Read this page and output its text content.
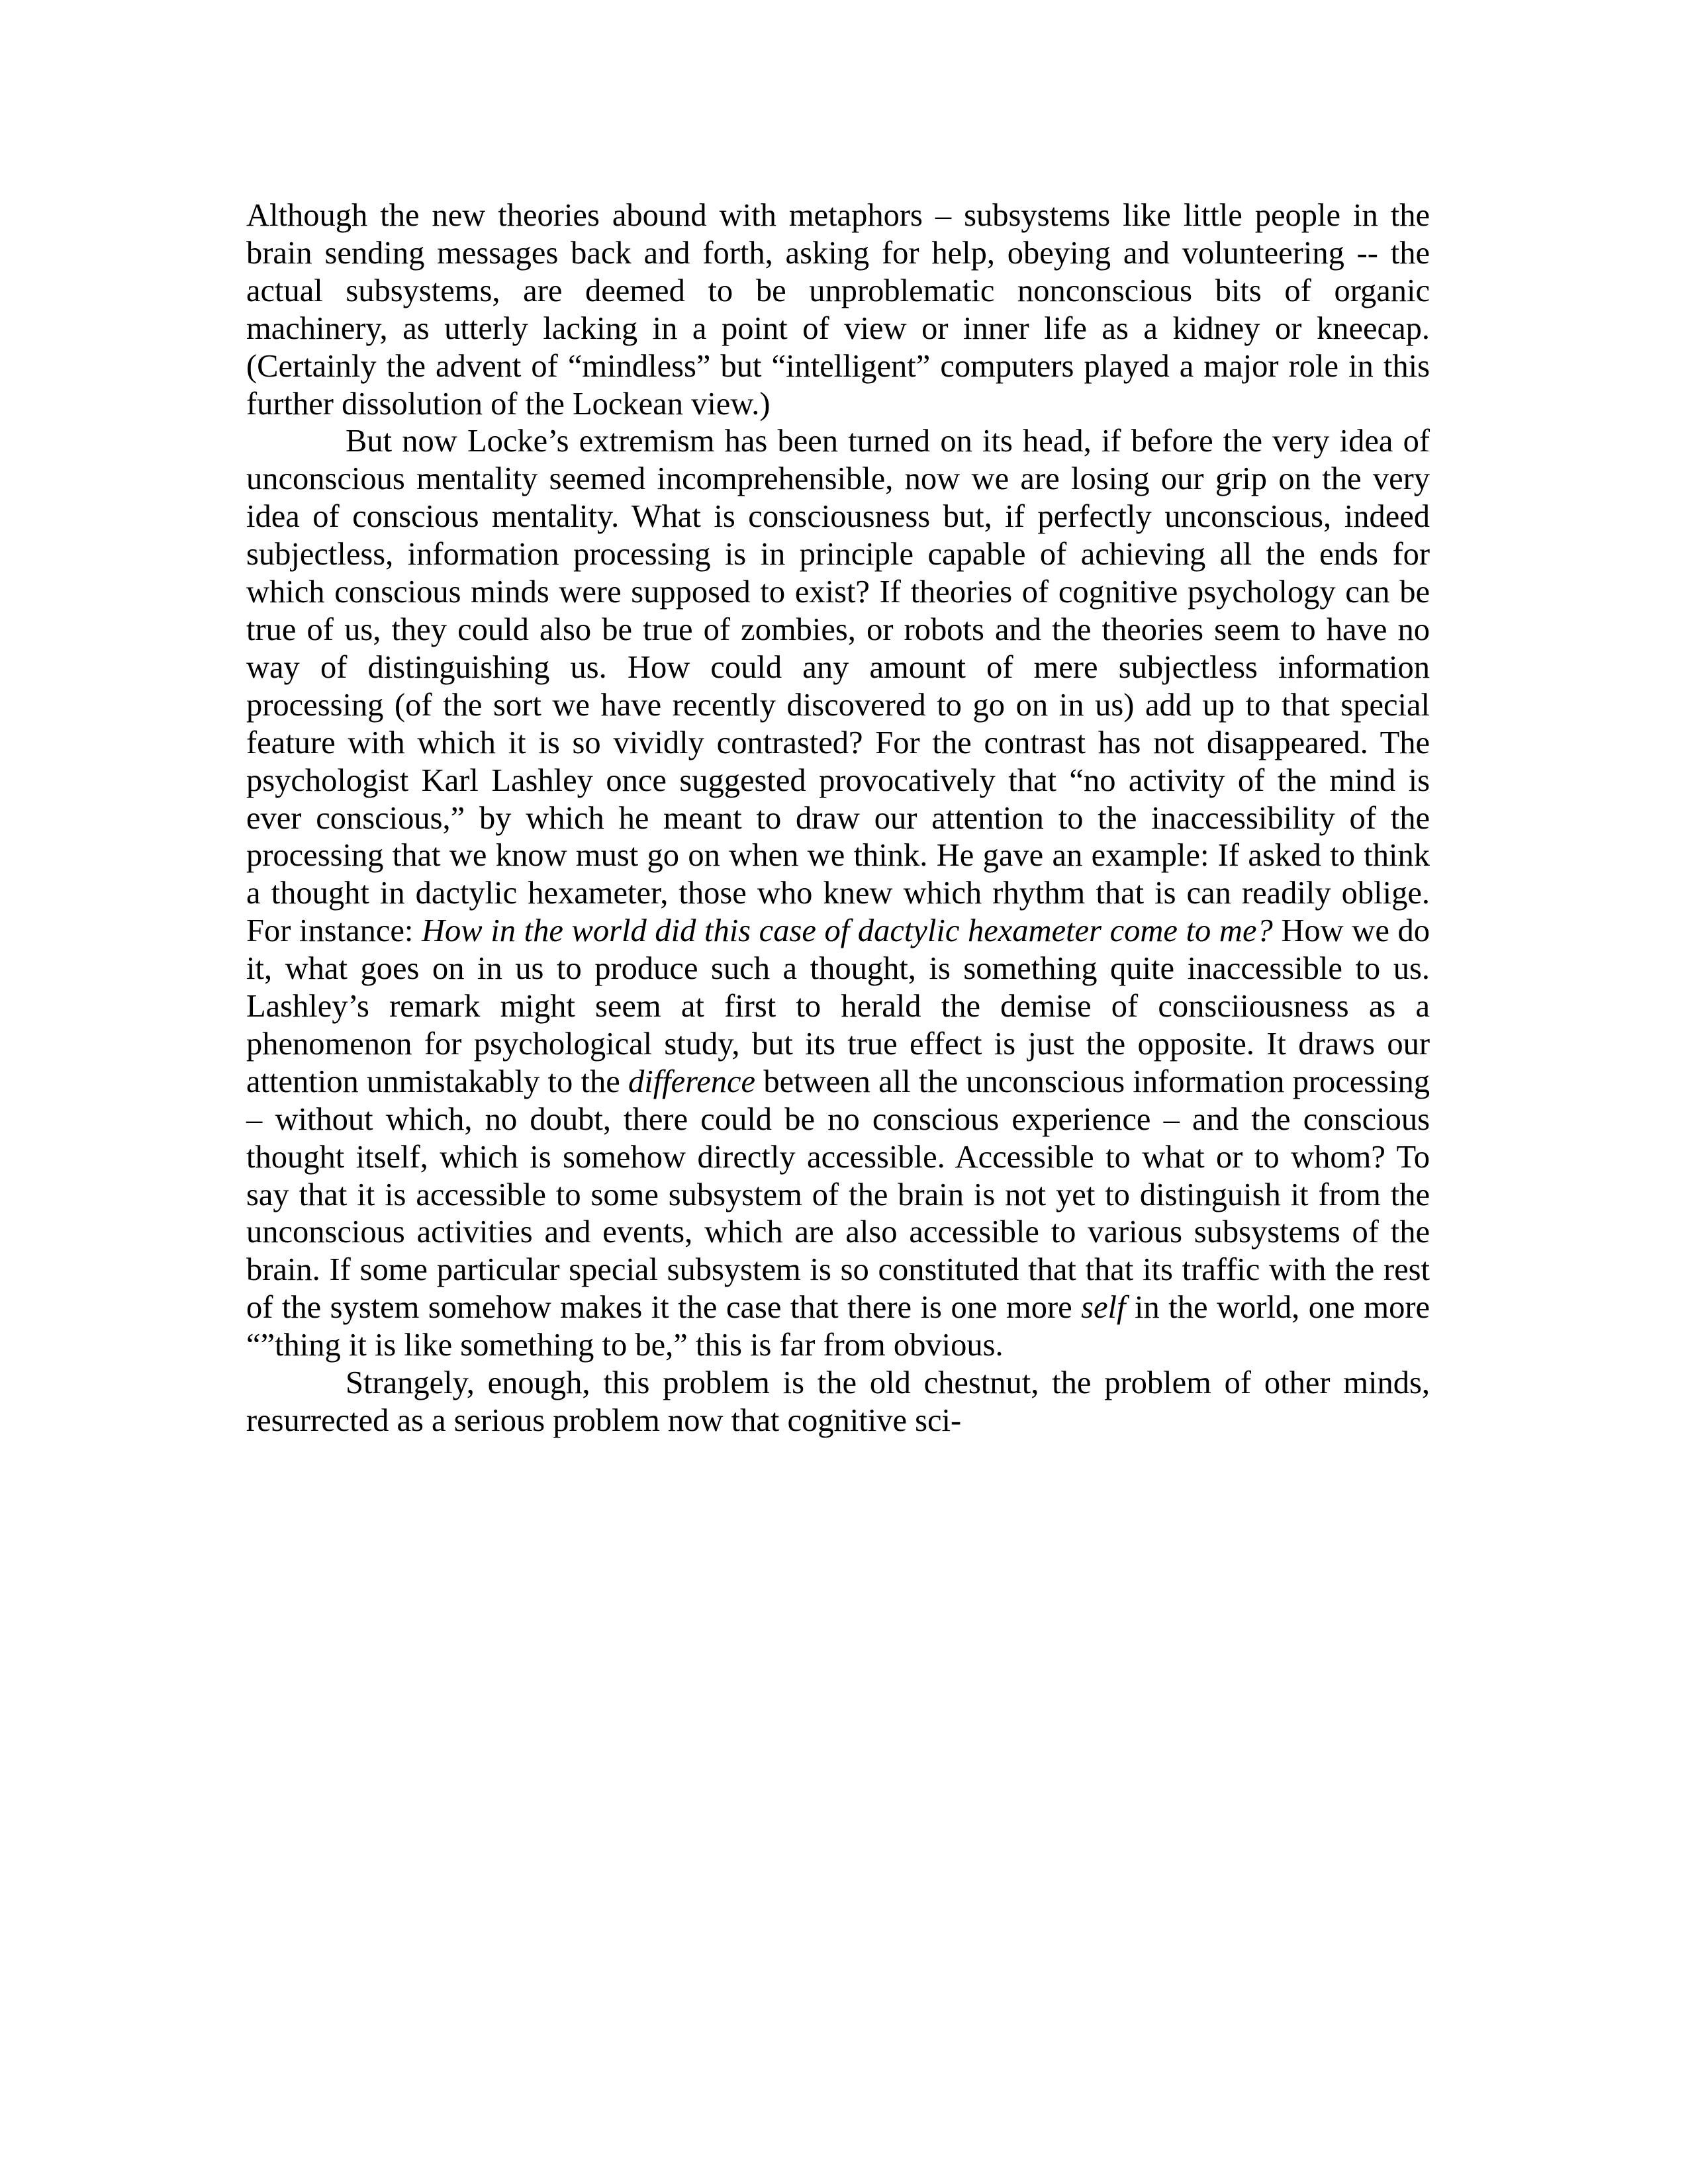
Although the new theories abound with metaphors – subsystems like little people in the brain sending messages back and forth, asking for help, obeying and volunteering -- the actual subsystems, are deemed to be unproblematic nonconscious bits of organic machinery, as utterly lacking in a point of view or inner life as a kidney or kneecap. (Certainly the advent of “mindless” but “intelligent” computers played a major role in this further dissolution of the Lockean view.)

But now Locke’s extremism has been turned on its head, if before the very idea of unconscious mentality seemed incomprehensible, now we are losing our grip on the very idea of conscious mentality. What is consciousness but, if perfectly unconscious, indeed subjectless, information processing is in principle capable of achieving all the ends for which conscious minds were supposed to exist? If theories of cognitive psychology can be true of us, they could also be true of zombies, or robots and the theories seem to have no way of distinguishing us. How could any amount of mere subjectless information processing (of the sort we have recently discovered to go on in us) add up to that special feature with which it is so vividly contrasted? For the contrast has not disappeared. The psychologist Karl Lashley once suggested provocatively that “no activity of the mind is ever conscious,” by which he meant to draw our attention to the inaccessibility of the processing that we know must go on when we think. He gave an example: If asked to think a thought in dactylic hexameter, those who knew which rhythm that is can readily oblige. For instance: How in the world did this case of dactylic hexameter come to me? How we do it, what goes on in us to produce such a thought, is something quite inaccessible to us. Lashley’s remark might seem at first to herald the demise of consciiousness as a phenomenon for psychological study, but its true effect is just the opposite. It draws our attention unmistakably to the difference between all the unconscious information processing – without which, no doubt, there could be no conscious experience – and the conscious thought itself, which is somehow directly accessible. Accessible to what or to whom? To say that it is accessible to some subsystem of the brain is not yet to distinguish it from the unconscious activities and events, which are also accessible to various subsystems of the brain. If some particular special subsystem is so constituted that that its traffic with the rest of the system somehow makes it the case that there is one more self in the world, one more “”thing it is like something to be,” this is far from obvious.

Strangely, enough, this problem is the old chestnut, the problem of other minds, resurrected as a serious problem now that cognitive sci-
